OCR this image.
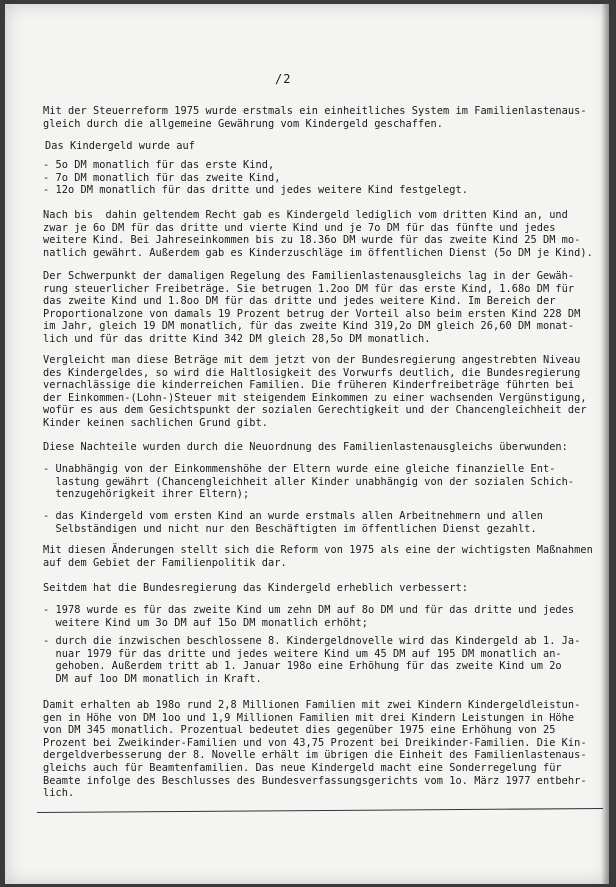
/2
Mit der Steuerreform 1975 wurde erstmals ein einheitliches System im Familienlastenaus-
gleich durch die allgemeine Gewährung vom Kindergeld geschaffen.
Das Kindergeld wurde auf
- 5o DM monatlich für das erste Kind,
- 7o DM monatlich für das zweite Kind,
- 12o DM monatlich für das dritte und jedes weitere Kind festgelegt.
Nach bis  dahin geltendem Recht gab es Kindergeld lediglich vom dritten Kind an, und
zwar je 6o DM für das dritte und vierte Kind und je 7o DM für das fünfte und jedes
weitere Kind. Bei Jahreseinkommen bis zu 18.36o DM wurde für das zweite Kind 25 DM mo-
natlich gewährt. Außerdem gab es Kinderzuschläge im öffentlichen Dienst (5o DM je Kind).
Der Schwerpunkt der damaligen Regelung des Familienlastenausgleichs lag in der Gewäh-
rung steuerlicher Freibeträge. Sie betrugen 1.2oo DM für das erste Kind, 1.68o DM für
das zweite Kind und 1.8oo DM für das dritte und jedes weitere Kind. Im Bereich der
Proportionalzone von damals 19 Prozent betrug der Vorteil also beim ersten Kind 228 DM
im Jahr, gleich 19 DM monatlich, für das zweite Kind 319,2o DM gleich 26,60 DM monat-
lich und für das dritte Kind 342 DM gleich 28,5o DM monatlich.
Vergleicht man diese Beträge mit dem jetzt von der Bundesregierung angestrebten Niveau
des Kindergeldes, so wird die Haltlosigkeit des Vorwurfs deutlich, die Bundesregierung
vernachlässige die kinderreichen Familien. Die früheren Kinderfreibeträge führten bei
der Einkommen-(Lohn-)Steuer mit steigendem Einkommen zu einer wachsenden Vergünstigung,
wofür es aus dem Gesichtspunkt der sozialen Gerechtigkeit und der Chancengleichheit der
Kinder keinen sachlichen Grund gibt.
Diese Nachteile wurden durch die Neuordnung des Familienlastenausgleichs überwunden:
- Unabhängig von der Einkommenshöhe der Eltern wurde eine gleiche finanzielle Ent-
lastung gewährt (Chancengleichheit aller Kinder unabhängig von der sozialen Schich-
tenzugehörigkeit ihrer Eltern);
- das Kindergeld vom ersten Kind an wurde erstmals allen Arbeitnehmern und allen
Selbständigen und nicht nur den Beschäftigten im öffentlichen Dienst gezahlt.
Mit diesen Änderungen stellt sich die Reform von 1975 als eine der wichtigsten Maßnahmen
auf dem Gebiet der Familienpolitik dar.
Seitdem hat die Bundesregierung das Kindergeld erheblich verbessert:
- 1978 wurde es für das zweite Kind um zehn DM auf 8o DM und für das dritte und jedes
weitere Kind um 3o DM auf 15o DM monatlich erhöht;
- durch die inzwischen beschlossene 8. Kindergeldnovelle wird das Kindergeld ab 1. Ja-
nuar 1979 für das dritte und jedes weitere Kind um 45 DM auf 195 DM monatlich an-
gehoben. Außerdem tritt ab 1. Januar 198o eine Erhöhung für das zweite Kind um 2o
DM auf 1oo DM monatlich in Kraft.
Damit erhalten ab 198o rund 2,8 Millionen Familien mit zwei Kindern Kindergeldleistun-
gen in Höhe von DM 1oo und 1,9 Millionen Familien mit drei Kindern Leistungen in Höhe
von DM 345 monatlich. Prozentual bedeutet dies gegenüber 1975 eine Erhöhung von 25
Prozent bei Zweikinder-Familien und von 43,75 Prozent bei Dreikinder-Familien. Die Kin-
dergeldverbesserung der 8. Novelle erhält im übrigen die Einheit des Familienlastenaus-
gleichs auch für Beamtenfamilien. Das neue Kindergeld macht eine Sonderregelung für
Beamte infolge des Beschlusses des Bundesverfassungsgerichts vom 1o. März 1977 entbehr-
lich.
